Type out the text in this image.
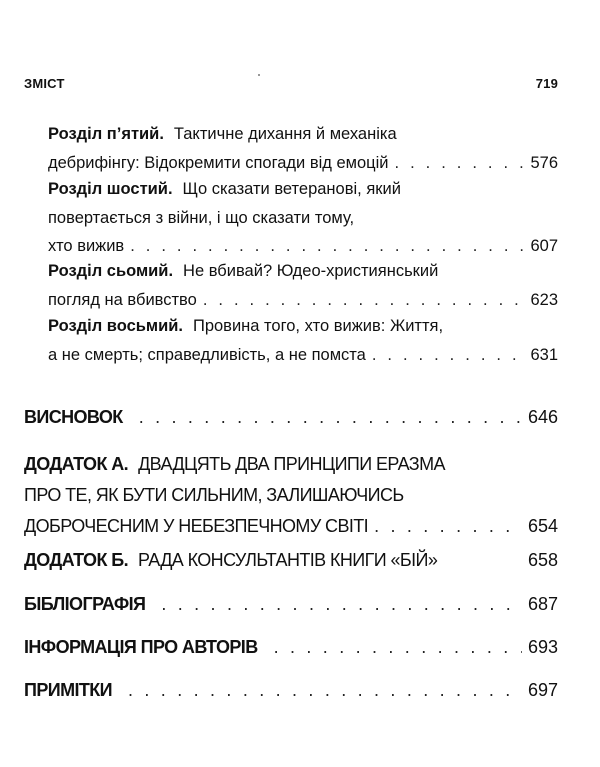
ЗМІСТ	719
Розділ п’ятий. Тактичне дихання й механіка
дебрифінгу: Відокремити спогади від емоцій . . .	576
Розділ шостий. Що сказати ветеранові, який
повертається з війни, і що сказати тому,
хто вижив . . .	607
Розділ сьомий. Не вбивай? Юдео-християнський
погляд на вбивство . . .	623
Розділ восьмий. Провина того, хто вижив: Життя,
а не смерть; справедливість, а не помста . . .	631
ВИСНОВОК . . .	646
ДОДАТОК А. ДВАДЦЯТЬ ДВА ПРИНЦИПИ ЕРАЗМА
ПРО ТЕ, ЯК БУТИ СИЛЬНИМ, ЗАЛИШАЮЧИСЬ
ДОБРОЧЕСНИМ У НЕБЕЗПЕЧНОМУ СВІТІ . . .	654
ДОДАТОК Б. РАДА КОНСУЛЬТАНТІВ КНИГИ «БІЙ»	658
БІБЛІОГРАФІЯ . . .	687
ІНФОРМАЦІЯ ПРО АВТОРІВ . . .	693
ПРИМІТКИ . . .	697
